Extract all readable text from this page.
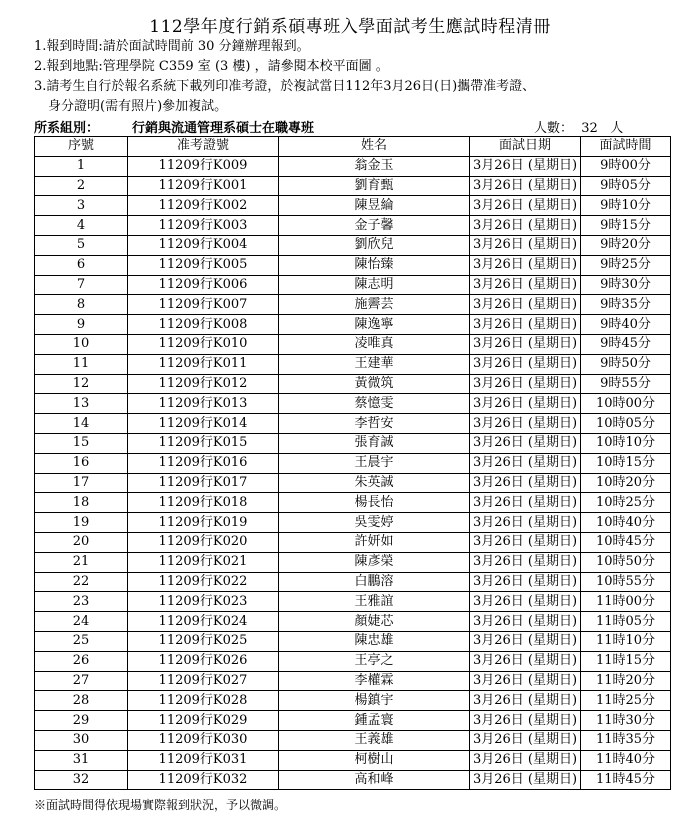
112學年度行銷系碩專班入學面試考生應試時程清冊
1.報到時間:請於面試時間前 30 分鐘辦理報到。
2.報到地點:管理學院 C359 室 (3 樓) ，請參閱本校平面圖 。
3.請考生自行於報名系統下載列印准考證，於複試當日112年3月26日(日)攜帶准考證、
身分證明(需有照片)參加複試。
所系組別：	行銷與流通管理系碩士在職專班	人數： 32 人
序號	准考證號	姓名	面試日期	面試時間
1	11209行K009	翁金玉	3月26日 (星期日)	9時00分
2	11209行K001	劉育甄	3月26日 (星期日)	9時05分
3	11209行K002	陳昱綸	3月26日 (星期日)	9時10分
4	11209行K003	金子馨	3月26日 (星期日)	9時15分
5	11209行K004	劉欣兒	3月26日 (星期日)	9時20分
6	11209行K005	陳怡臻	3月26日 (星期日)	9時25分
7	11209行K006	陳志明	3月26日 (星期日)	9時30分
8	11209行K007	施霽芸	3月26日 (星期日)	9時35分
9	11209行K008	陳逸寧	3月26日 (星期日)	9時40分
10	11209行K010	凌唯真	3月26日 (星期日)	9時45分
11	11209行K011	王建華	3月26日 (星期日)	9時50分
12	11209行K012	黃微筑	3月26日 (星期日)	9時55分
13	11209行K013	蔡憶雯	3月26日 (星期日)	10時00分
14	11209行K014	李哲安	3月26日 (星期日)	10時05分
15	11209行K015	張育誠	3月26日 (星期日)	10時10分
16	11209行K016	王晨宇	3月26日 (星期日)	10時15分
17	11209行K017	朱英誠	3月26日 (星期日)	10時20分
18	11209行K018	楊長怡	3月26日 (星期日)	10時25分
19	11209行K019	吳雯婷	3月26日 (星期日)	10時40分
20	11209行K020	許妍如	3月26日 (星期日)	10時45分
21	11209行K021	陳彥榮	3月26日 (星期日)	10時50分
22	11209行K022	白鵬溶	3月26日 (星期日)	10時55分
23	11209行K023	王雅誼	3月26日 (星期日)	11時00分
24	11209行K024	顏婕芯	3月26日 (星期日)	11時05分
25	11209行K025	陳忠雄	3月26日 (星期日)	11時10分
26	11209行K026	王亭之	3月26日 (星期日)	11時15分
27	11209行K027	李權霖	3月26日 (星期日)	11時20分
28	11209行K028	楊鎮宇	3月26日 (星期日)	11時25分
29	11209行K029	鍾孟寰	3月26日 (星期日)	11時30分
30	11209行K030	王義雄	3月26日 (星期日)	11時35分
31	11209行K031	柯樹山	3月26日 (星期日)	11時40分
32	11209行K032	高和峰	3月26日 (星期日)	11時45分
※面試時間得依現場實際報到狀況，予以微調。
